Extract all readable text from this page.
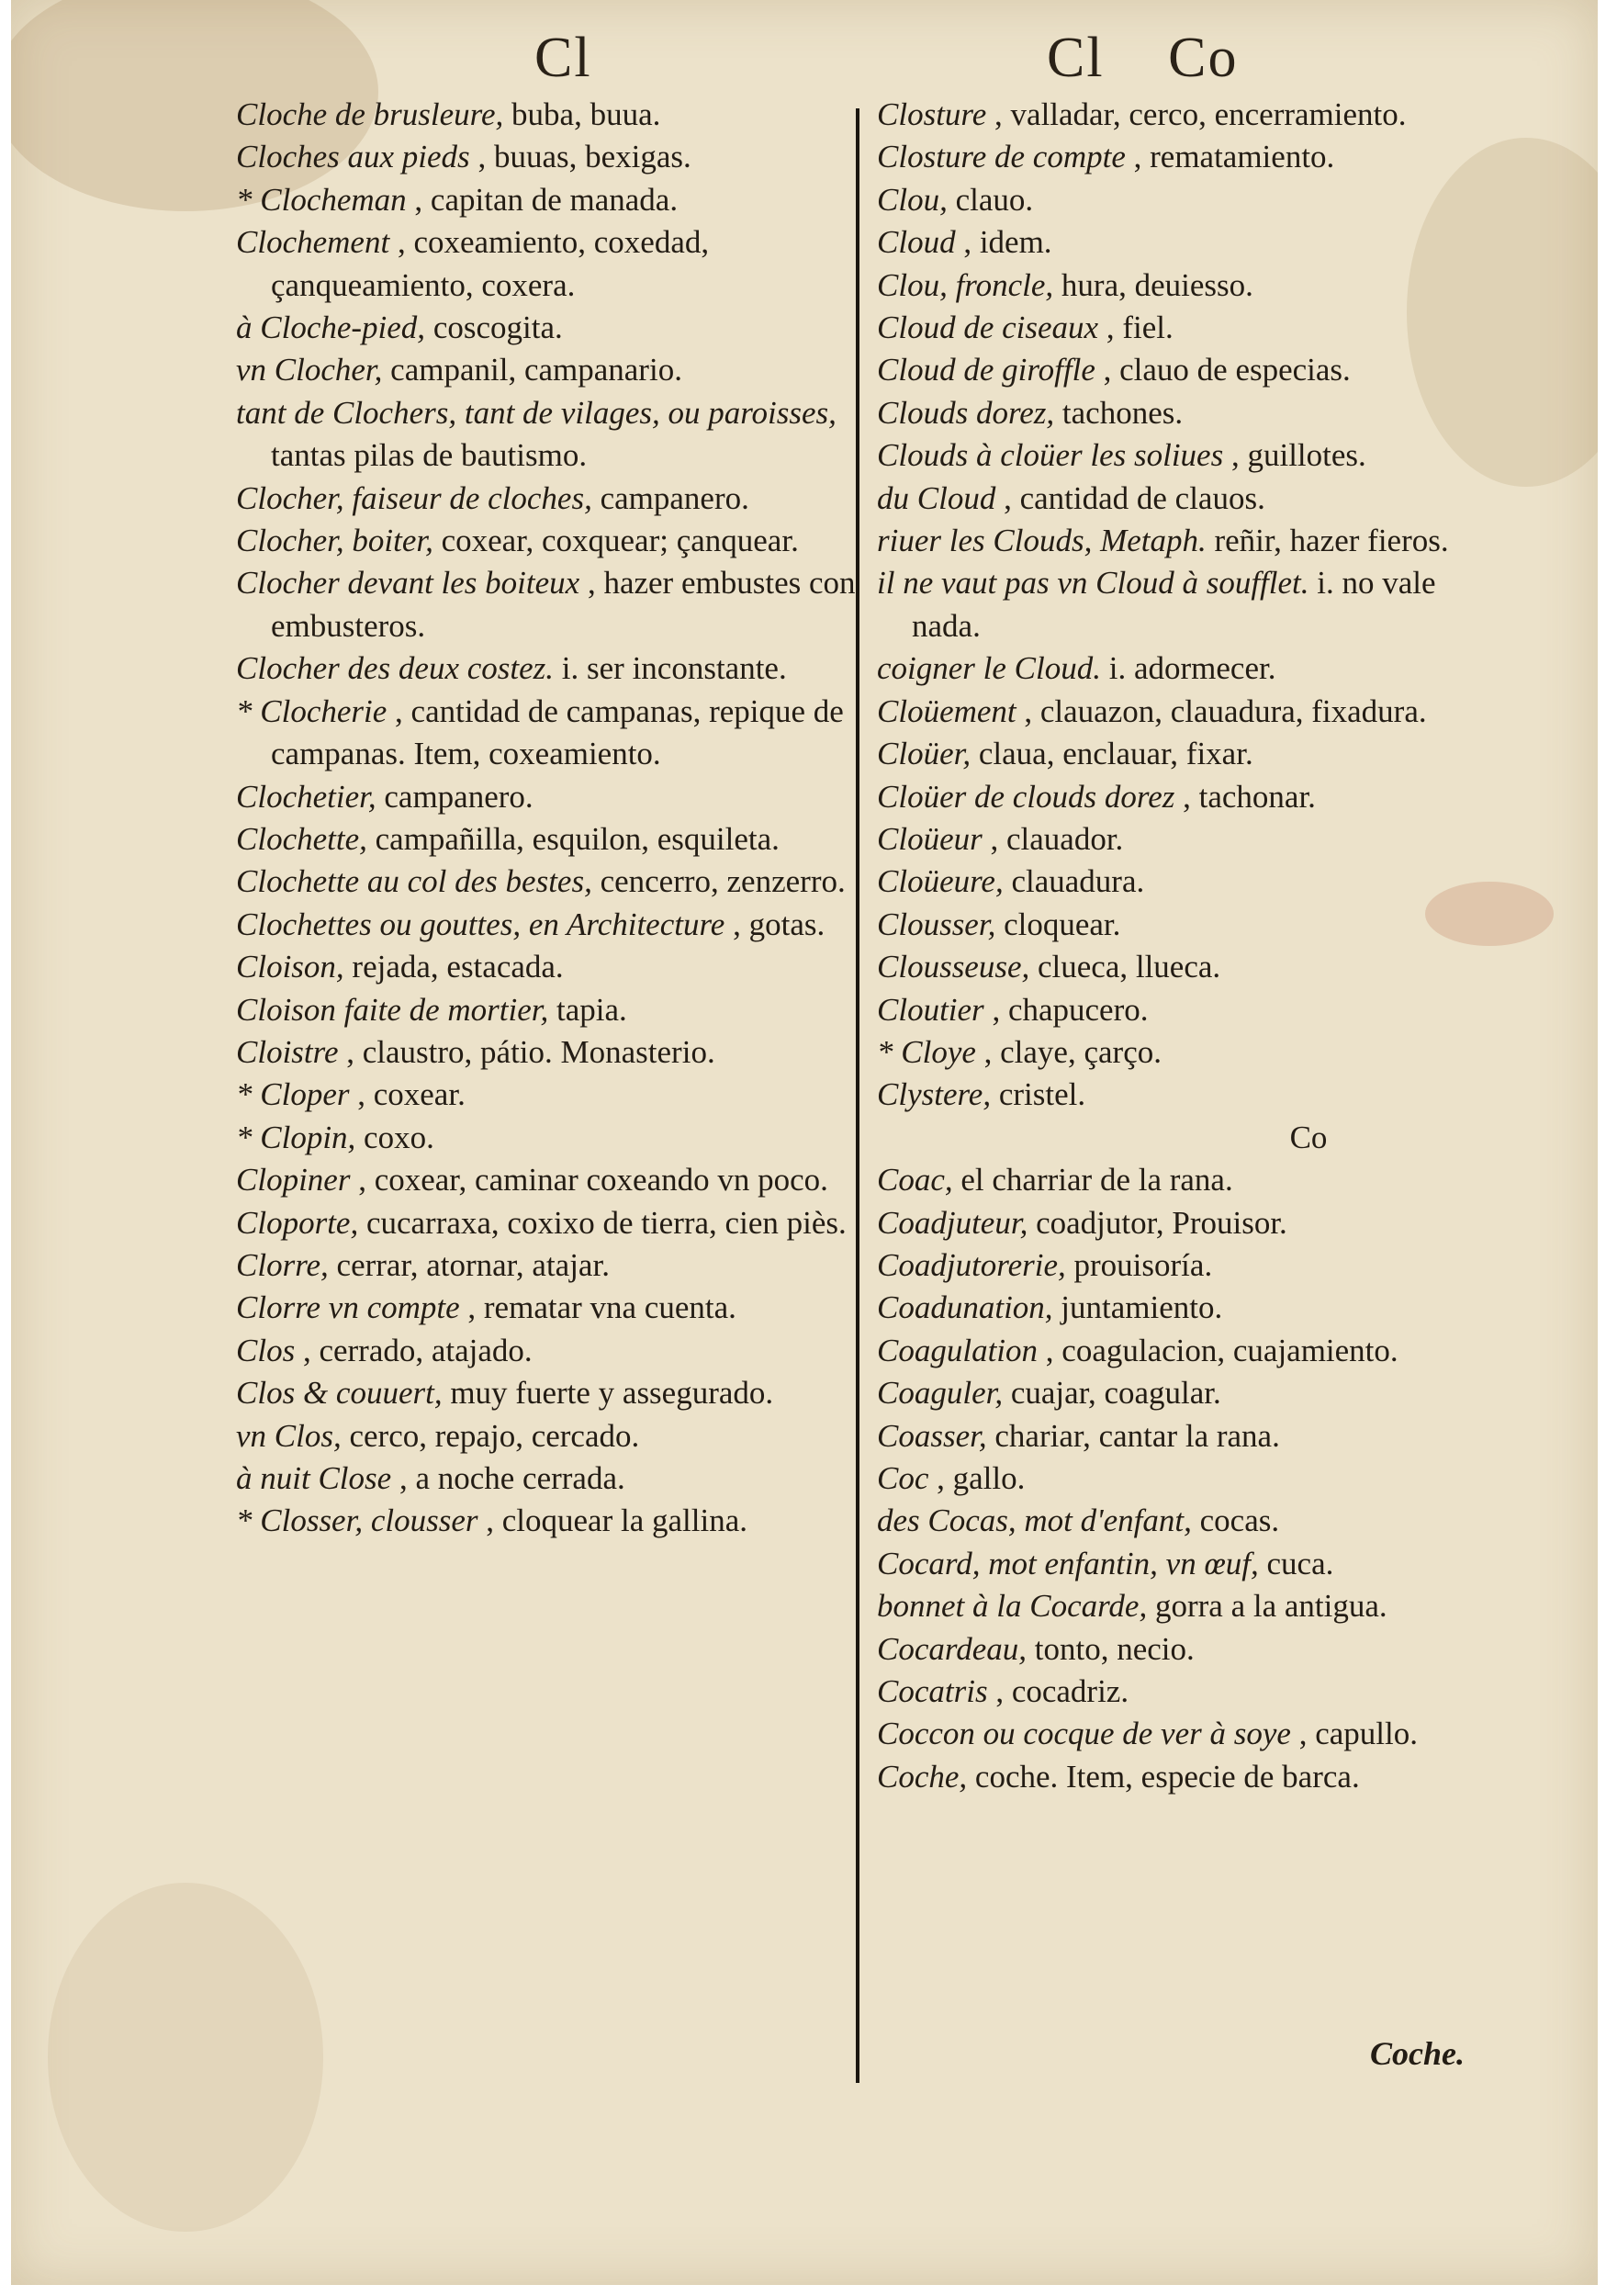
Cl	Cl Co

Cloche de brusleure, buba, buua.

Cloches aux pieds , buuas, bexigas.

* Clocheman , capitan de manada.

Clochement , coxeamiento, coxedad, çanqueamiento, coxera.

à Cloche-pied, coscogita.

vn Clocher, campanil, campanario.

tant de Clochers, tant de vilages, ou paroisses, tantas pilas de bautismo.

Clocher, faiseur de cloches, campanero.

Clocher, boiter, coxear, coxquear; çanquear.

Clocher devant les boiteux , hazer embustes con embusteros.

Clocher des deux costez. i. ser inconstante.

* Clocherie , cantidad de campanas, repique de campanas. Item, coxeamiento.

Clochetier, campanero.

Clochette, campañilla, esquilon, esquileta.

Clochette au col des bestes, cencerro, zenzerro.

Clochettes ou gouttes, en Architecture , gotas.

Cloison, rejada, estacada.

Cloison faite de mortier, tapia.

Cloistre , claustro, pátio. Monasterio.

* Cloper , coxear.

* Clopin, coxo.

Clopiner , coxear, caminar coxeando vn poco.

Cloporte, cucarraxa, coxixo de tierra, cien piès.

Clorre, cerrar, atornar, atajar.

Clorre vn compte , rematar vna cuenta.

Clos , cerrado, atajado.

Clos & couuert, muy fuerte y assegurado.

vn Clos, cerco, repajo, cercado.

à nuit Close , a noche cerrada.

* Closser, clousser , cloquear la gallina.

Closture , valladar, cerco, encerramiento.

Closture de compte , rematamiento.

Clou, clauo.

Cloud , idem.

Clou, froncle, hura, deuiesso.

Cloud de ciseaux , fiel.

Cloud de giroffle , clauo de especias.

Clouds dorez, tachones.

Clouds à cloüer les soliues , guillotes.

du Cloud , cantidad de clauos.

riuer les Clouds, Metaph. reñir, hazer fieros.

il ne vaut pas vn Cloud à soufflet. i. no vale nada.

coigner le Cloud. i. adormecer.

Cloüement , clauazon, clauadura, fixadura.

Cloüer, claua, enclauar, fixar.

Cloüer de clouds dorez , tachonar.

Cloüeur , clauador.

Cloüeure, clauadura.

Clousser, cloquear.

Clousseuse, clueca, llueca.

Cloutier , chapucero.

* Cloye , claye, çarço.

Clystere, cristel.

Co

Coac, el charriar de la rana.

Coadjuteur, coadjutor, Prouisor.

Coadjutorerie, prouisoría.

Coadunation, juntamiento.

Coagulation , coagulacion, cuajamiento.

Coaguler, cuajar, coagular.

Coasser, chariar, cantar la rana.

Coc , gallo.

des Cocas, mot d'enfant, cocas.

Cocard, mot enfantin, vn œuf, cuca.

bonnet à la Cocarde, gorra a la antigua.

Cocardeau, tonto, necio.

Cocatris , cocadriz.

Coccon ou cocque de ver à soye , capullo.

Coche, coche. Item, especie de barca.

Coche.
